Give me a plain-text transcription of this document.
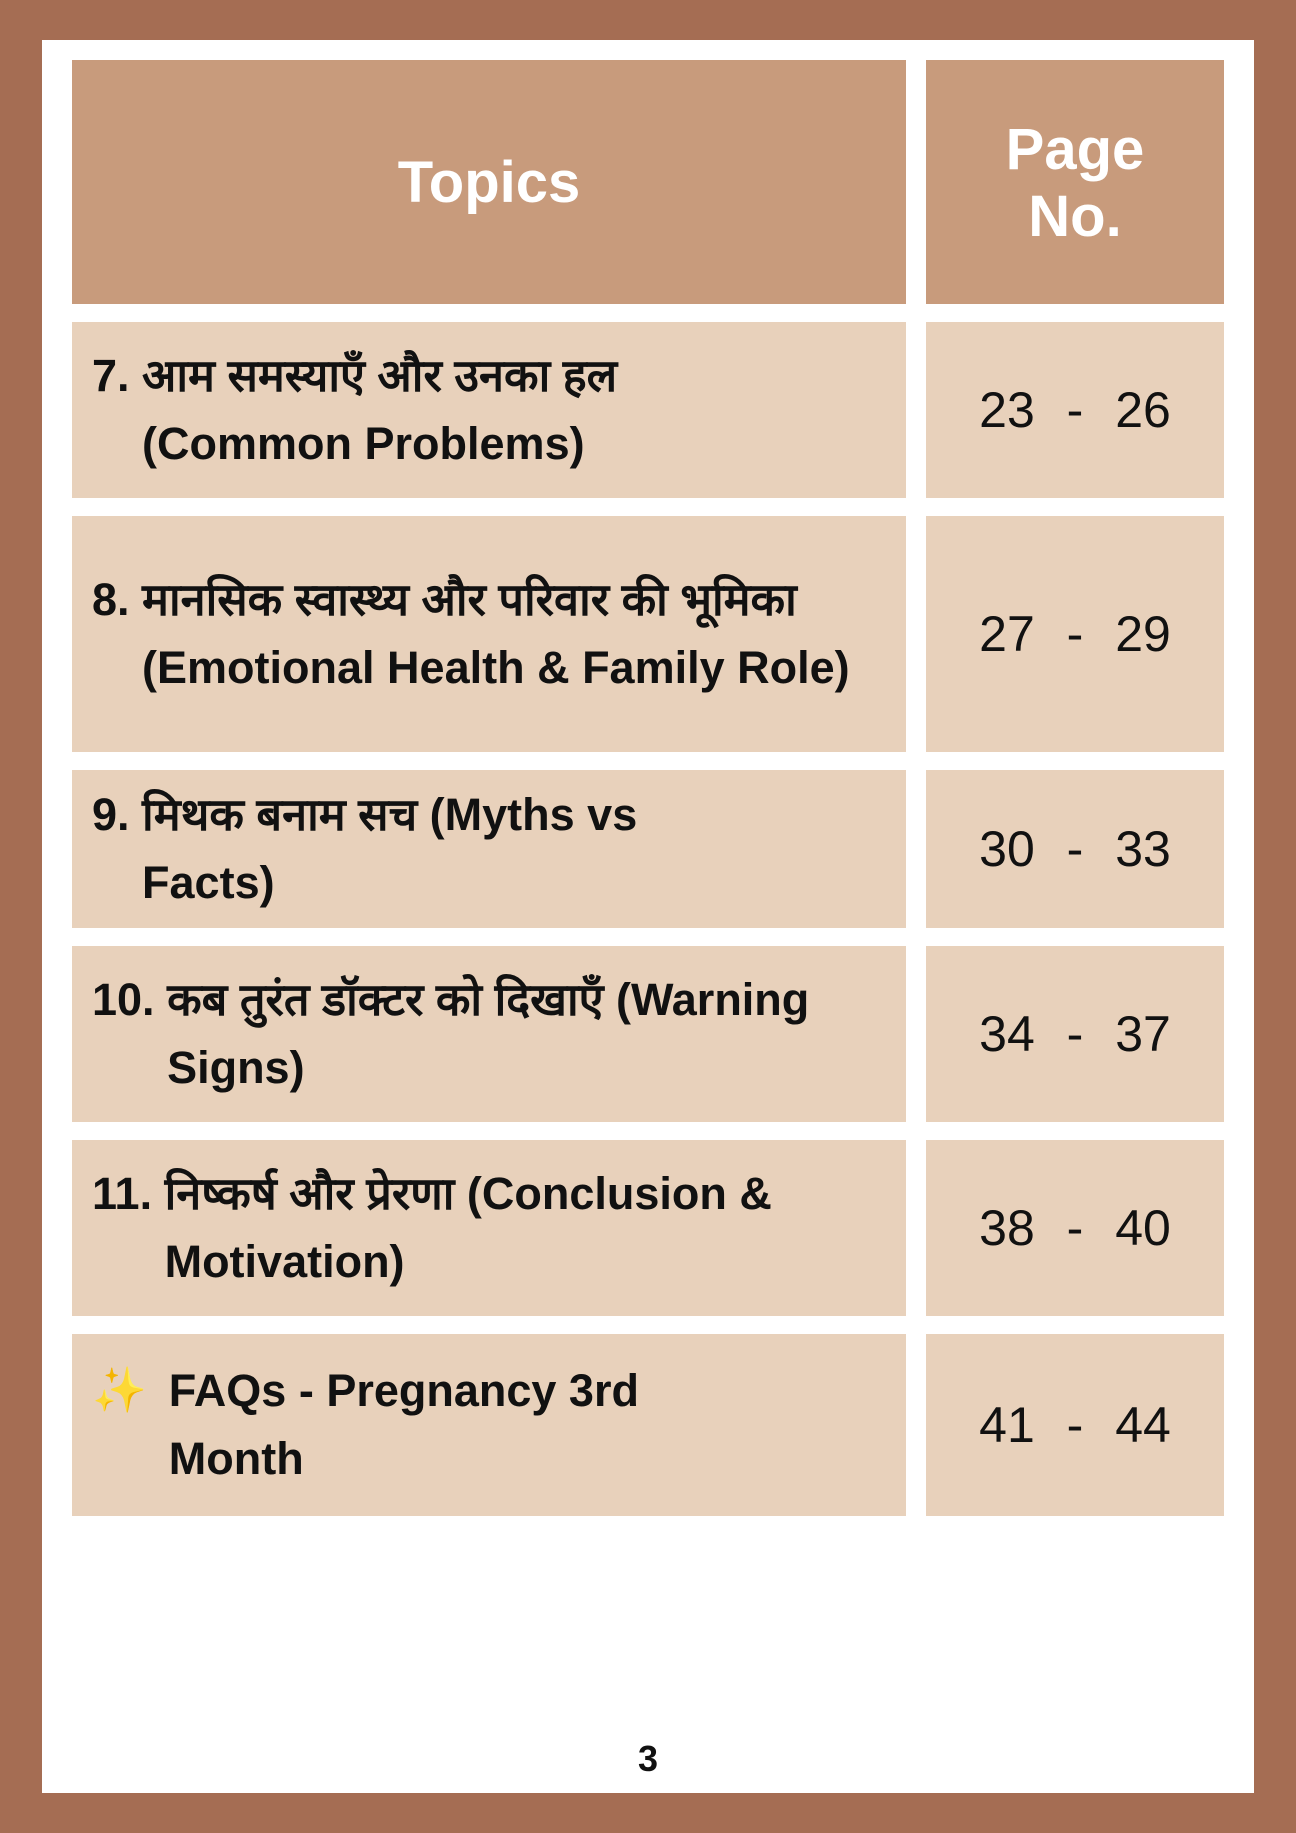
Topics	Page
No.
7. आम समस्याएँ और उनका हल (Common Problems)
23 - 26
8. मानसिक स्वास्थ्य और परिवार की भूमिका (Emotional Health & Family Role)
27 - 29
9. मिथक बनाम सच (Myths vs Facts)
30 - 33
10. कब तुरंत डॉक्टर को दिखाएँ (Warning Signs)
34 - 37
11. निष्कर्ष और प्रेरणा (Conclusion & Motivation)
38 - 40
✨ FAQs - Pregnancy 3rd Month
41 - 44
3
